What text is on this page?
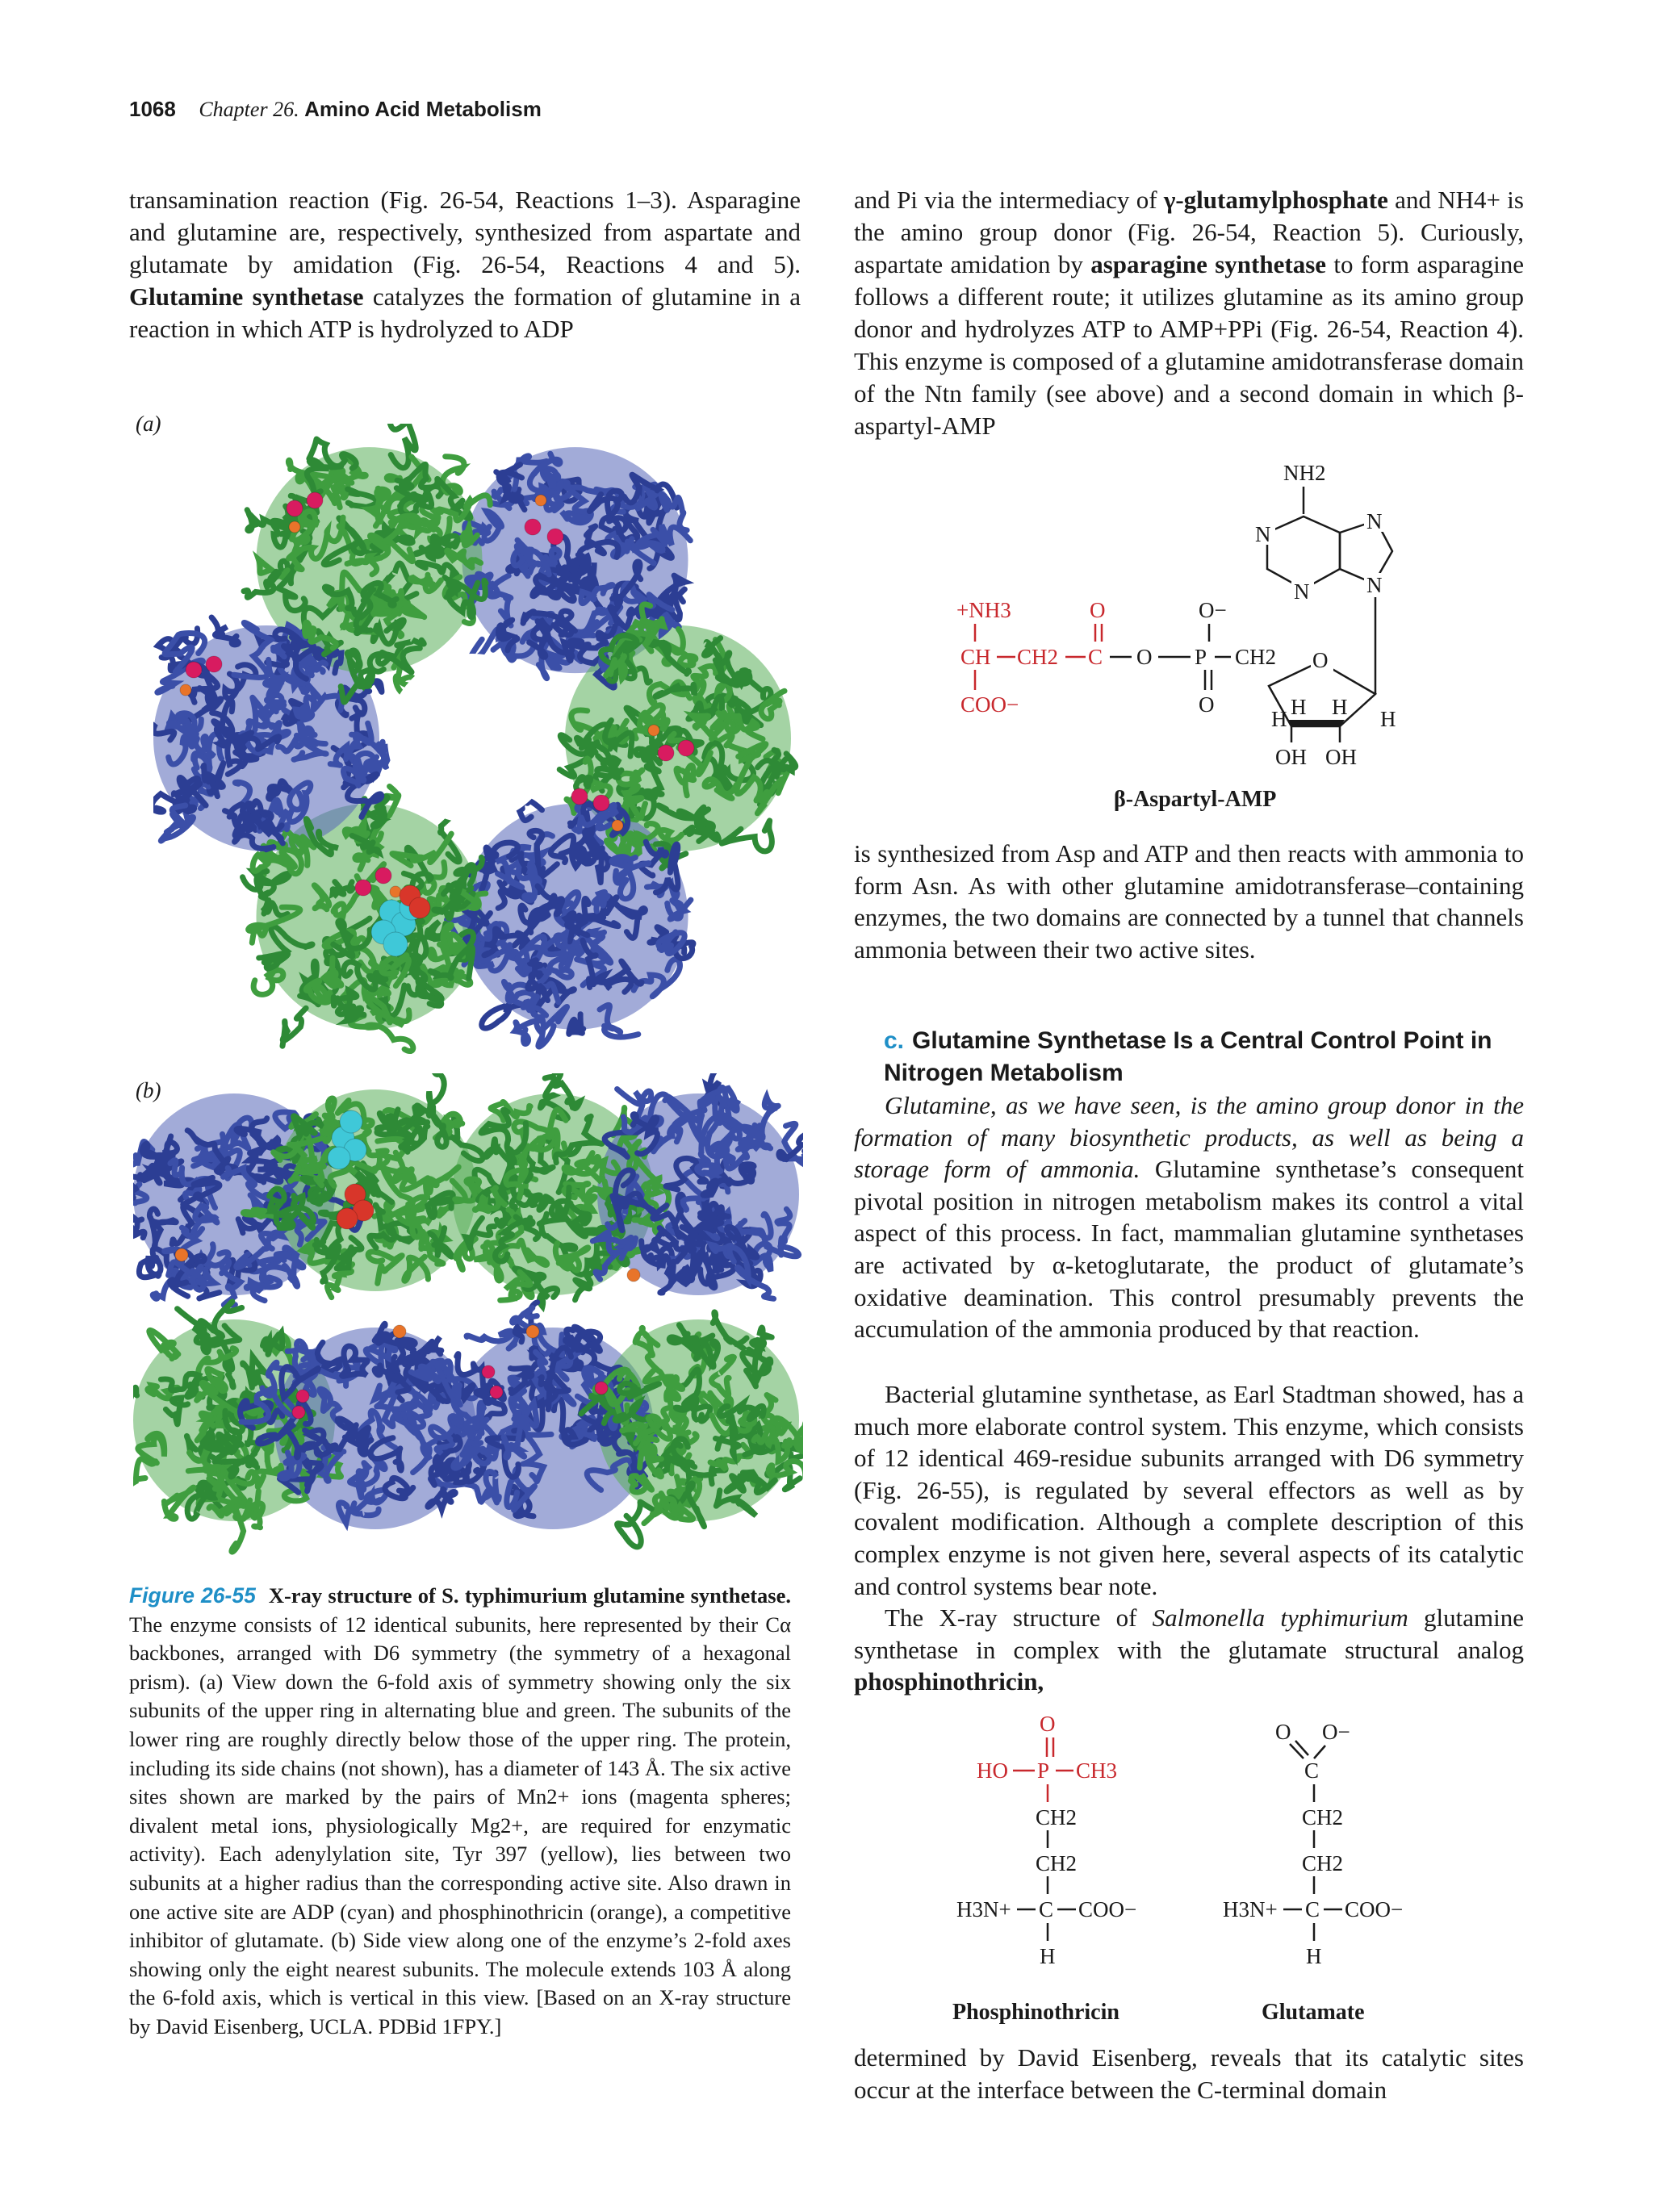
1068 Chapter 26. Amino Acid Metabolism
transamination reaction (Fig. 26-54, Reactions 1–3). Asparagine and glutamine are, respectively, synthesized from aspartate and glutamate by amidation (Fig. 26-54, Reactions 4 and 5). Glutamine synthetase catalyzes the formation of glutamine in a reaction in which ATP is hydrolyzed to ADP
(a)
(b)
Figure 26-55 X-ray structure of S. typhimurium glutamine synthetase. The enzyme consists of 12 identical subunits, here represented by their Cα backbones, arranged with D6 symmetry (the symmetry of a hexagonal prism). (a) View down the 6-fold axis of symmetry showing only the six subunits of the upper ring in alternating blue and green. The subunits of the lower ring are roughly directly below those of the upper ring. The protein, including its side chains (not shown), has a diameter of 143 Å. The six active sites shown are marked by the pairs of Mn2+ ions (magenta spheres; divalent metal ions, physiologically Mg2+, are required for enzymatic activity). Each adenylylation site, Tyr 397 (yellow), lies between two subunits at a higher radius than the corresponding active site. Also drawn in one active site are ADP (cyan) and phosphinothricin (orange), a competitive inhibitor of glutamate. (b) Side view along one of the enzyme’s 2-fold axes showing only the eight nearest subunits. The molecule extends 103 Å along the 6-fold axis, which is vertical in this view. [Based on an X-ray structure by David Eisenberg, UCLA. PDBid 1FPY.]
and Pi via the intermediacy of γ-glutamylphosphate and NH4+ is the amino group donor (Fig. 26-54, Reaction 5). Curiously, aspartate amidation by asparagine synthetase to form asparagine follows a different route; it utilizes glutamine as its amino group donor and hydrolyzes ATP to AMP+PPi (Fig. 26-54, Reaction 4). This enzyme is composed of a glutamine amidotransferase domain of the Ntn family (see above) and a second domain in which β-aspartyl-AMP
NH2
N
N
N
N
O
H H
H	H
OH OH
O−
P
O
CH2
O
+NH3
CH CH2 C
O
COO−
β-Aspartyl-AMP
is synthesized from Asp and ATP and then reacts with ammonia to form Asn. As with other glutamine amidotransferase–containing enzymes, the two domains are connected by a tunnel that channels ammonia between their two active sites.
c. Glutamine Synthetase Is a Central Control Point in Nitrogen Metabolism
Glutamine, as we have seen, is the amino group donor in the formation of many biosynthetic products, as well as being a storage form of ammonia. Glutamine synthetase’s consequent pivotal position in nitrogen metabolism makes its control a vital aspect of this process. In fact, mammalian glutamine synthetases are activated by α-ketoglutarate, the product of glutamate’s oxidative deamination. This control presumably prevents the accumulation of the ammonia produced by that reaction.
Bacterial glutamine synthetase, as Earl Stadtman showed, has a much more elaborate control system. This enzyme, which consists of 12 identical 469-residue subunits arranged with D6 symmetry (Fig. 26-55), is regulated by several effectors as well as by covalent modification. Although a complete description of this complex enzyme is not given here, several aspects of its catalytic and control systems bear note.
The X-ray structure of Salmonella typhimurium glutamine synthetase in complex with the glutamate structural analog phosphinothricin,
O
HO P CH3
CH2
CH2
H3N+ C COO−
H
Phosphinothricin
O O−
C
CH2
CH2
H3N+ C COO−
H
Glutamate
determined by David Eisenberg, reveals that its catalytic sites occur at the interface between the C-terminal domain
